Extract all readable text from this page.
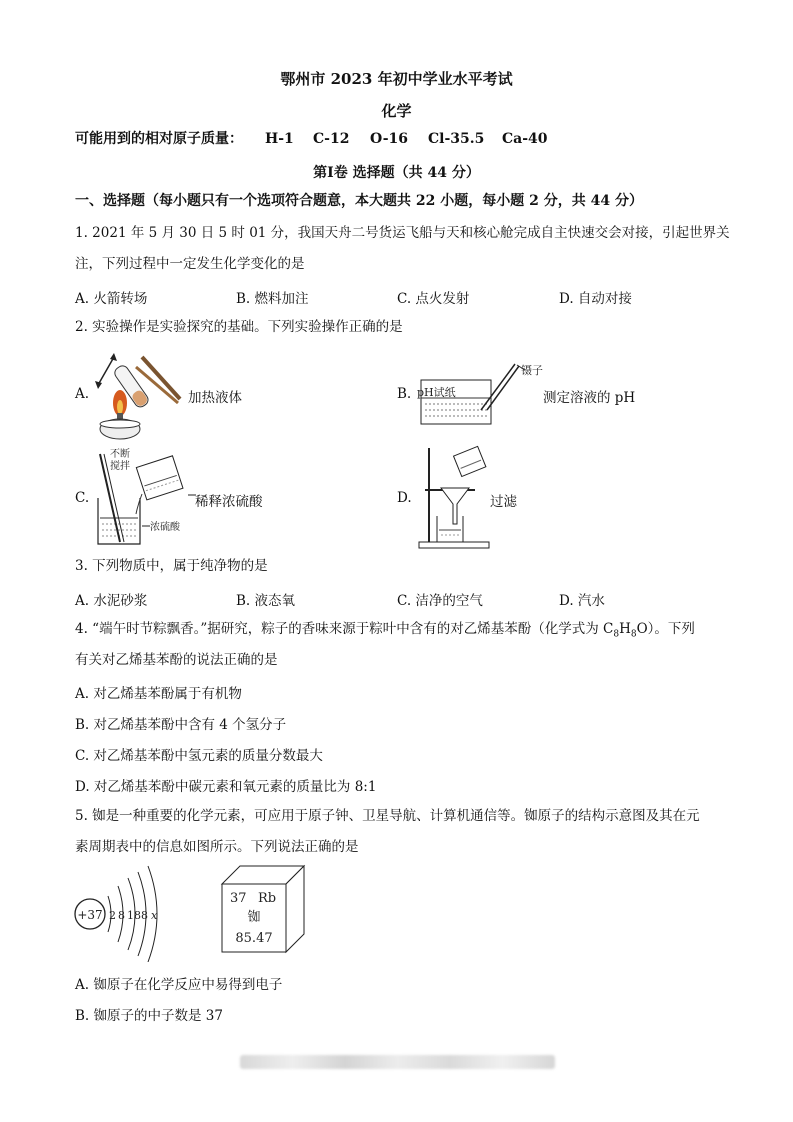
鄂州市 2023 年初中学业水平考试
化学
可能用到的相对原子质量： H-1 C-12 O-16 Cl-35.5 Ca-40
第I卷 选择题（共 44 分）
一、选择题（每小题只有一个选项符合题意，本大题共 22 小题，每小题 2 分，共 44 分）
1. 2021 年 5 月 30 日 5 时 01 分，我国天舟二号货运飞船与天和核心舱完成自主快速交会对接，引起世界关
注，下列过程中一定发生化学变化的是
A. 火箭转场	B. 燃料加注	C. 点火发射	D. 自动对接
2. 实验操作是实验探究的基础。下列实验操作正确的是
A.	加热液体	B.
镊子
pH试纸	测定溶液的 pH
C.
不断
搅拌
浓硫酸
稀释浓硫酸	D.	过滤
3. 下列物质中，属于纯净物的是
A. 水泥砂浆	B. 液态氧	C. 洁净的空气	D. 汽水
4. “端午时节粽飘香。”据研究，粽子的香味来源于粽叶中含有的对乙烯基苯酚（化学式为 $C_8H_8O$）。下列
有关对乙烯基苯酚的说法正确的是
A. 对乙烯基苯酚属于有机物
B. 对乙烯基苯酚中含有 4 个氢分子
C. 对乙烯基苯酚中氢元素的质量分数最大
D. 对乙烯基苯酚中碳元素和氧元素的质量比为 8:1
5. 铷是一种重要的化学元素，可应用于原子钟、卫星导航、计算机通信等。铷原子的结构示意图及其在元
素周期表中的信息如图所示。下列说法正确的是
+37 2 8 18 8 x
37 Rb
铷
85.47
A. 铷原子在化学反应中易得到电子
B. 铷原子的中子数是 37
